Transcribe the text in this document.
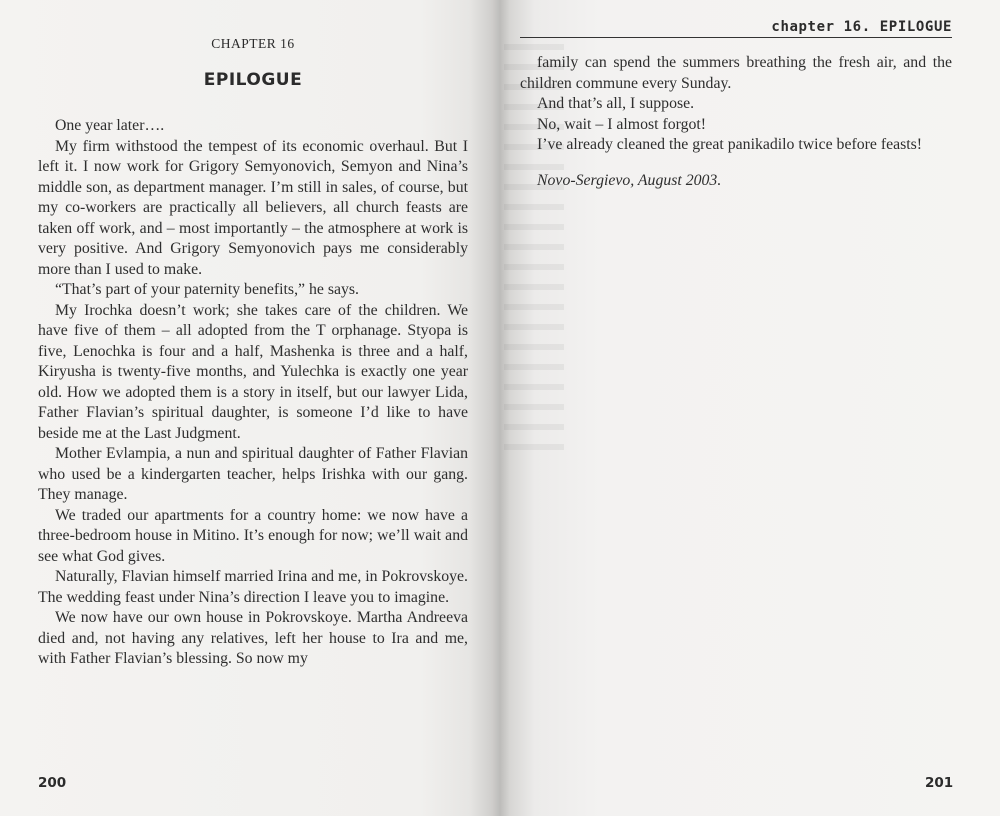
CHAPTER 16
EPILOGUE

One year later….

My firm withstood the tempest of its economic overhaul. But I left it. I now work for Grigory Semyonovich, Semyon and Nina’s middle son, as department manager. I’m still in sales, of course, but my co-workers are practically all believers, all church feasts are taken off work, and – most importantly – the atmosphere at work is very positive. And Grigory Semyonovich pays me considerably more than I used to make.

“That’s part of your paternity benefits,” he says.

My Irochka doesn’t work; she takes care of the children. We have five of them – all adopted from the T orphanage. Styopa is five, Lenochka is four and a half, Mashenka is three and a half, Kiryusha is twenty-five months, and Yulechka is exactly one year old. How we adopted them is a story in itself, but our lawyer Lida, Father Flavian’s spiritual daughter, is someone I’d like to have beside me at the Last Judgment.

Mother Evlampia, a nun and spiritual daughter of Father Flavian who used be a kindergarten teacher, helps Irishka with our gang. They manage.

We traded our apartments for a country home: we now have a three-bedroom house in Mitino. It’s enough for now; we’ll wait and see what God gives.

Naturally, Flavian himself married Irina and me, in Pokrovskoye. The wedding feast under Nina’s direction I leave you to imagine.

We now have our own house in Pokrovskoye. Martha Andreeva died and, not having any relatives, left her house to Ira and me, with Father Flavian’s blessing. So now my

200
chapter 16. EPILOGUE

family can spend the summers breathing the fresh air, and the children commune every Sunday.

And that’s all, I suppose.

No, wait – I almost forgot!

I’ve already cleaned the great panikadilo twice before feasts!

Novo-Sergievo, August 2003.

201
